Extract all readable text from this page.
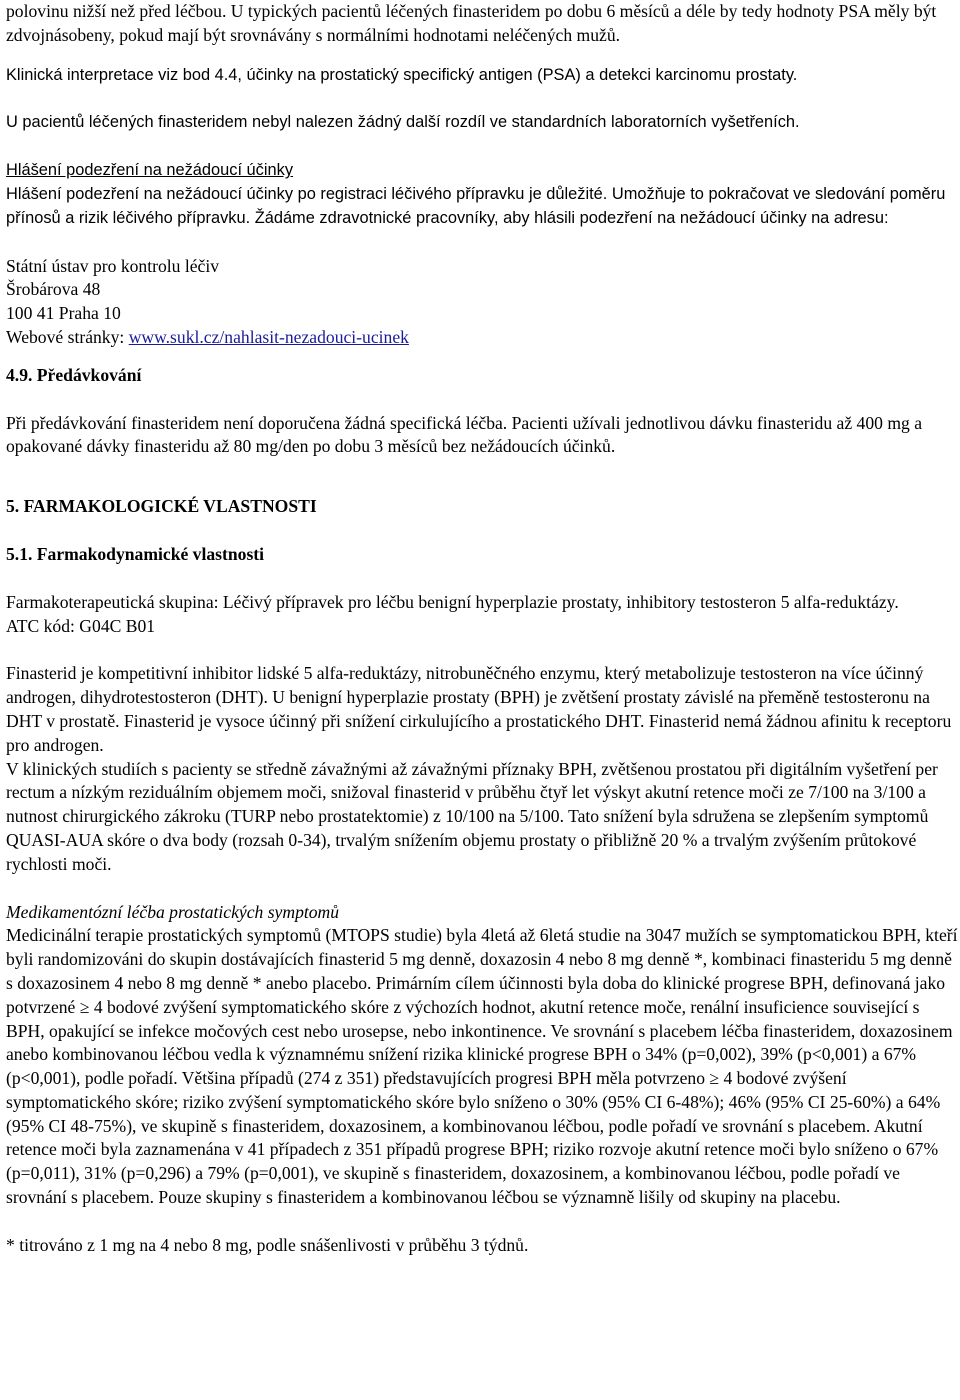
polovinu nižší než před léčbou. U typických pacientů léčených finasteridem po dobu 6 měsíců a déle by tedy hodnoty PSA měly být zdvojnásobeny, pokud mají být srovnávány s normálními hodnotami neléčených mužů.

Klinická interpretace viz bod 4.4, účinky na prostatický specifický antigen (PSA) a detekci karcinomu prostaty.

U pacientů léčených finasteridem nebyl nalezen žádný další rozdíl ve standardních laboratorních vyšetřeních.

Hlášení podezření na nežádoucí účinky

Hlášení podezření na nežádoucí účinky po registraci léčivého přípravku je důležité. Umožňuje to pokračovat ve sledování poměru přínosů a rizik léčivého přípravku. Žádáme zdravotnické pracovníky, aby hlásili podezření na nežádoucí účinky na adresu:

Státní ústav pro kontrolu léčiv
Šrobárova 48
100 41 Praha 10
Webové stránky: www.sukl.cz/nahlasit-nezadouci-ucinek

4.9. Předávkování

Při předávkování finasteridem není doporučena žádná specifická léčba. Pacienti užívali jednotlivou dávku finasteridu až 400 mg a opakované dávky finasteridu až 80 mg/den po dobu 3 měsíců bez nežádoucích účinků.

5. FARMAKOLOGICKÉ VLASTNOSTI

5.1. Farmakodynamické vlastnosti

Farmakoterapeutická skupina: Léčivý přípravek pro léčbu benigní hyperplazie prostaty, inhibitory testosteron 5 alfa-reduktázy.

ATC kód: G04C B01

Finasterid je kompetitivní inhibitor lidské 5 alfa-reduktázy, nitrobuněčného enzymu, který metabolizuje testosteron na více účinný androgen, dihydrotestosteron (DHT). U benigní hyperplazie prostaty (BPH) je zvětšení prostaty závislé na přeměně testosteronu na DHT v prostatě. Finasterid je vysoce účinný při snížení cirkulujícího a prostatického DHT. Finasterid nemá žádnou afinitu k receptoru pro androgen.

V klinických studiích s pacienty se středně závažnými až závažnými příznaky BPH, zvětšenou prostatou při digitálním vyšetření per rectum a nízkým reziduálním objemem moči, snižoval finasterid v průběhu čtyř let výskyt akutní retence moči ze 7/100 na 3/100 a nutnost chirurgického zákroku (TURP nebo prostatektomie) z 10/100 na 5/100. Tato snížení byla sdružena se zlepšením symptomů QUASI-AUA skóre o dva body (rozsah 0-34), trvalým snížením objemu prostaty o přibližně 20 % a trvalým zvýšením průtokové rychlosti moči.

Medikamentózní léčba prostatických symptomů

Medicinální terapie prostatických symptomů (MTOPS studie) byla 4letá až 6letá studie na 3047 mužích se symptomatickou BPH, kteří byli randomizováni do skupin dostávajících finasterid 5 mg denně, doxazosin 4 nebo 8 mg denně *, kombinaci finasteridu 5 mg denně s doxazosinem 4 nebo 8 mg denně * anebo placebo. Primárním cílem účinnosti byla doba do klinické progrese BPH, definovaná jako potvrzené ≥ 4 bodové zvýšení symptomatického skóre z výchozích hodnot, akutní retence moče, renální insuficience související s BPH, opakující se infekce močových cest nebo urosepse, nebo inkontinence. Ve srovnání s placebem léčba finasteridem, doxazosinem anebo kombinovanou léčbou vedla k významnému snížení rizika klinické progrese BPH o 34% (p=0,002), 39% (p<0,001) a 67% (p<0,001), podle pořadí. Většina případů (274 z 351) představujících progresi BPH měla potvrzeno ≥ 4 bodové zvýšení symptomatického skóre; riziko zvýšení symptomatického skóre bylo sníženo o 30% (95% CI 6-48%); 46% (95% CI 25-60%) a 64% (95% CI 48-75%), ve skupině s finasteridem, doxazosinem, a kombinovanou léčbou, podle pořadí ve srovnání s placebem. Akutní retence moči byla zaznamenána v 41 případech z 351 případů progrese BPH; riziko rozvoje akutní retence moči bylo sníženo o 67% (p=0,011), 31% (p=0,296) a 79% (p=0,001), ve skupině s finasteridem, doxazosinem, a kombinovanou léčbou, podle pořadí ve srovnání s placebem. Pouze skupiny s finasteridem a kombinovanou léčbou se významně lišily od skupiny na placebu.

* titrováno z 1 mg na 4 nebo 8 mg, podle snášenlivosti v průběhu 3 týdnů.
